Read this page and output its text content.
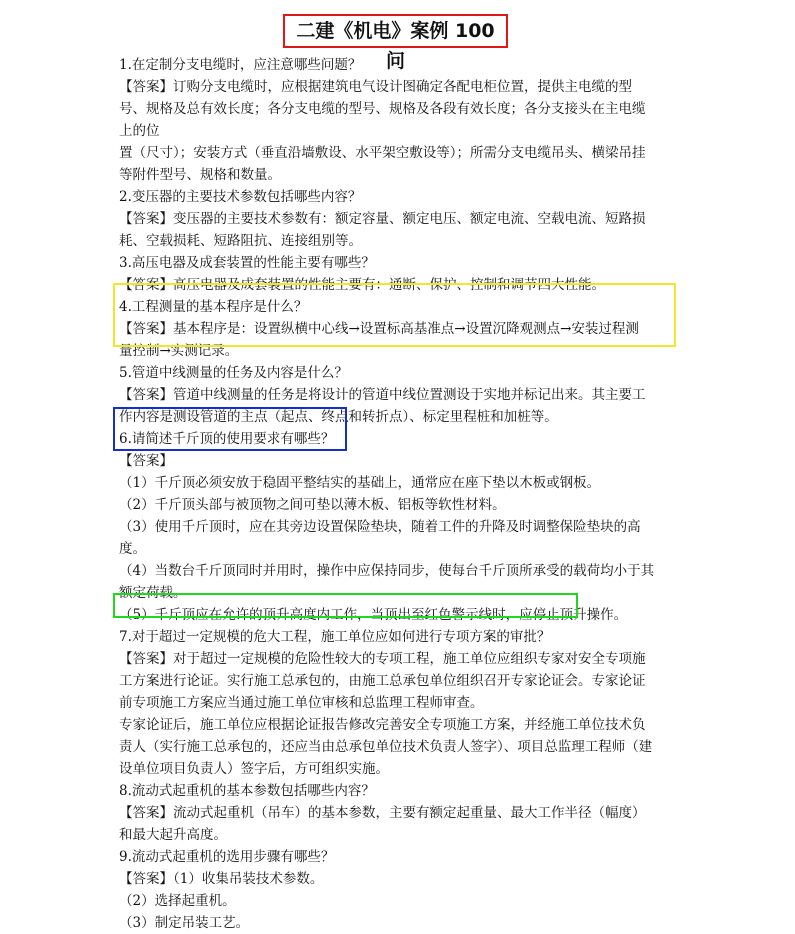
二建《机电》案例 100 问
1.在定制分支电缆时，应注意哪些问题？
【答案】订购分支电缆时，应根据建筑电气设计图确定各配电柜位置，提供主电缆的型
号、规格及总有效长度；各分支电缆的型号、规格及各段有效长度；各分支接头在主电缆
上的位
置（尺寸）；安装方式（垂直沿墙敷设、水平架空敷设等）；所需分支电缆吊头、横梁吊挂
等附件型号、规格和数量。
2.变压器的主要技术参数包括哪些内容？
【答案】变压器的主要技术参数有：额定容量、额定电压、额定电流、空载电流、短路损
耗、空载损耗、短路阻抗、连接组别等。
3.高压电器及成套装置的性能主要有哪些？
【答案】高压电器及成套装置的性能主要有：通断、保护、控制和调节四大性能。
4.工程测量的基本程序是什么？
【答案】基本程序是：设置纵横中心线→设置标高基准点→设置沉降观测点→安装过程测
量控制→实测记录。
5.管道中线测量的任务及内容是什么？
【答案】管道中线测量的任务是将设计的管道中线位置测设于实地并标记出来。其主要工
作内容是测设管道的主点（起点、终点和转折点）、标定里程桩和加桩等。
6.请简述千斤顶的使用要求有哪些？
【答案】
（1）千斤顶必须安放于稳固平整结实的基础上，通常应在座下垫以木板或钢板。
（2）千斤顶头部与被顶物之间可垫以薄木板、铝板等软性材料。
（3）使用千斤顶时，应在其旁边设置保险垫块，随着工件的升降及时调整保险垫块的高
度。
（4）当数台千斤顶同时并用时，操作中应保持同步，使每台千斤顶所承受的载荷均小于其
额定荷载。
（5）千斤顶应在允许的顶升高度内工作，当顶出至红色警示线时，应停止顶升操作。
7.对于超过一定规模的危大工程，施工单位应如何进行专项方案的审批？
【答案】对于超过一定规模的危险性较大的专项工程，施工单位应组织专家对安全专项施
工方案进行论证。实行施工总承包的，由施工总承包单位组织召开专家论证会。专家论证
前专项施工方案应当通过施工单位审核和总监理工程师审查。
专家论证后，施工单位应根据论证报告修改完善安全专项施工方案，并经施工单位技术负
责人（实行施工总承包的，还应当由总承包单位技术负责人签字）、项目总监理工程师（建
设单位项目负责人）签字后，方可组织实施。
8.流动式起重机的基本参数包括哪些内容？
【答案】流动式起重机（吊车）的基本参数，主要有额定起重量、最大工作半径（幅度）
和最大起升高度。
9.流动式起重机的选用步骤有哪些？
【答案】（1）收集吊装技术参数。
（2）选择起重机。
（3）制定吊装工艺。
